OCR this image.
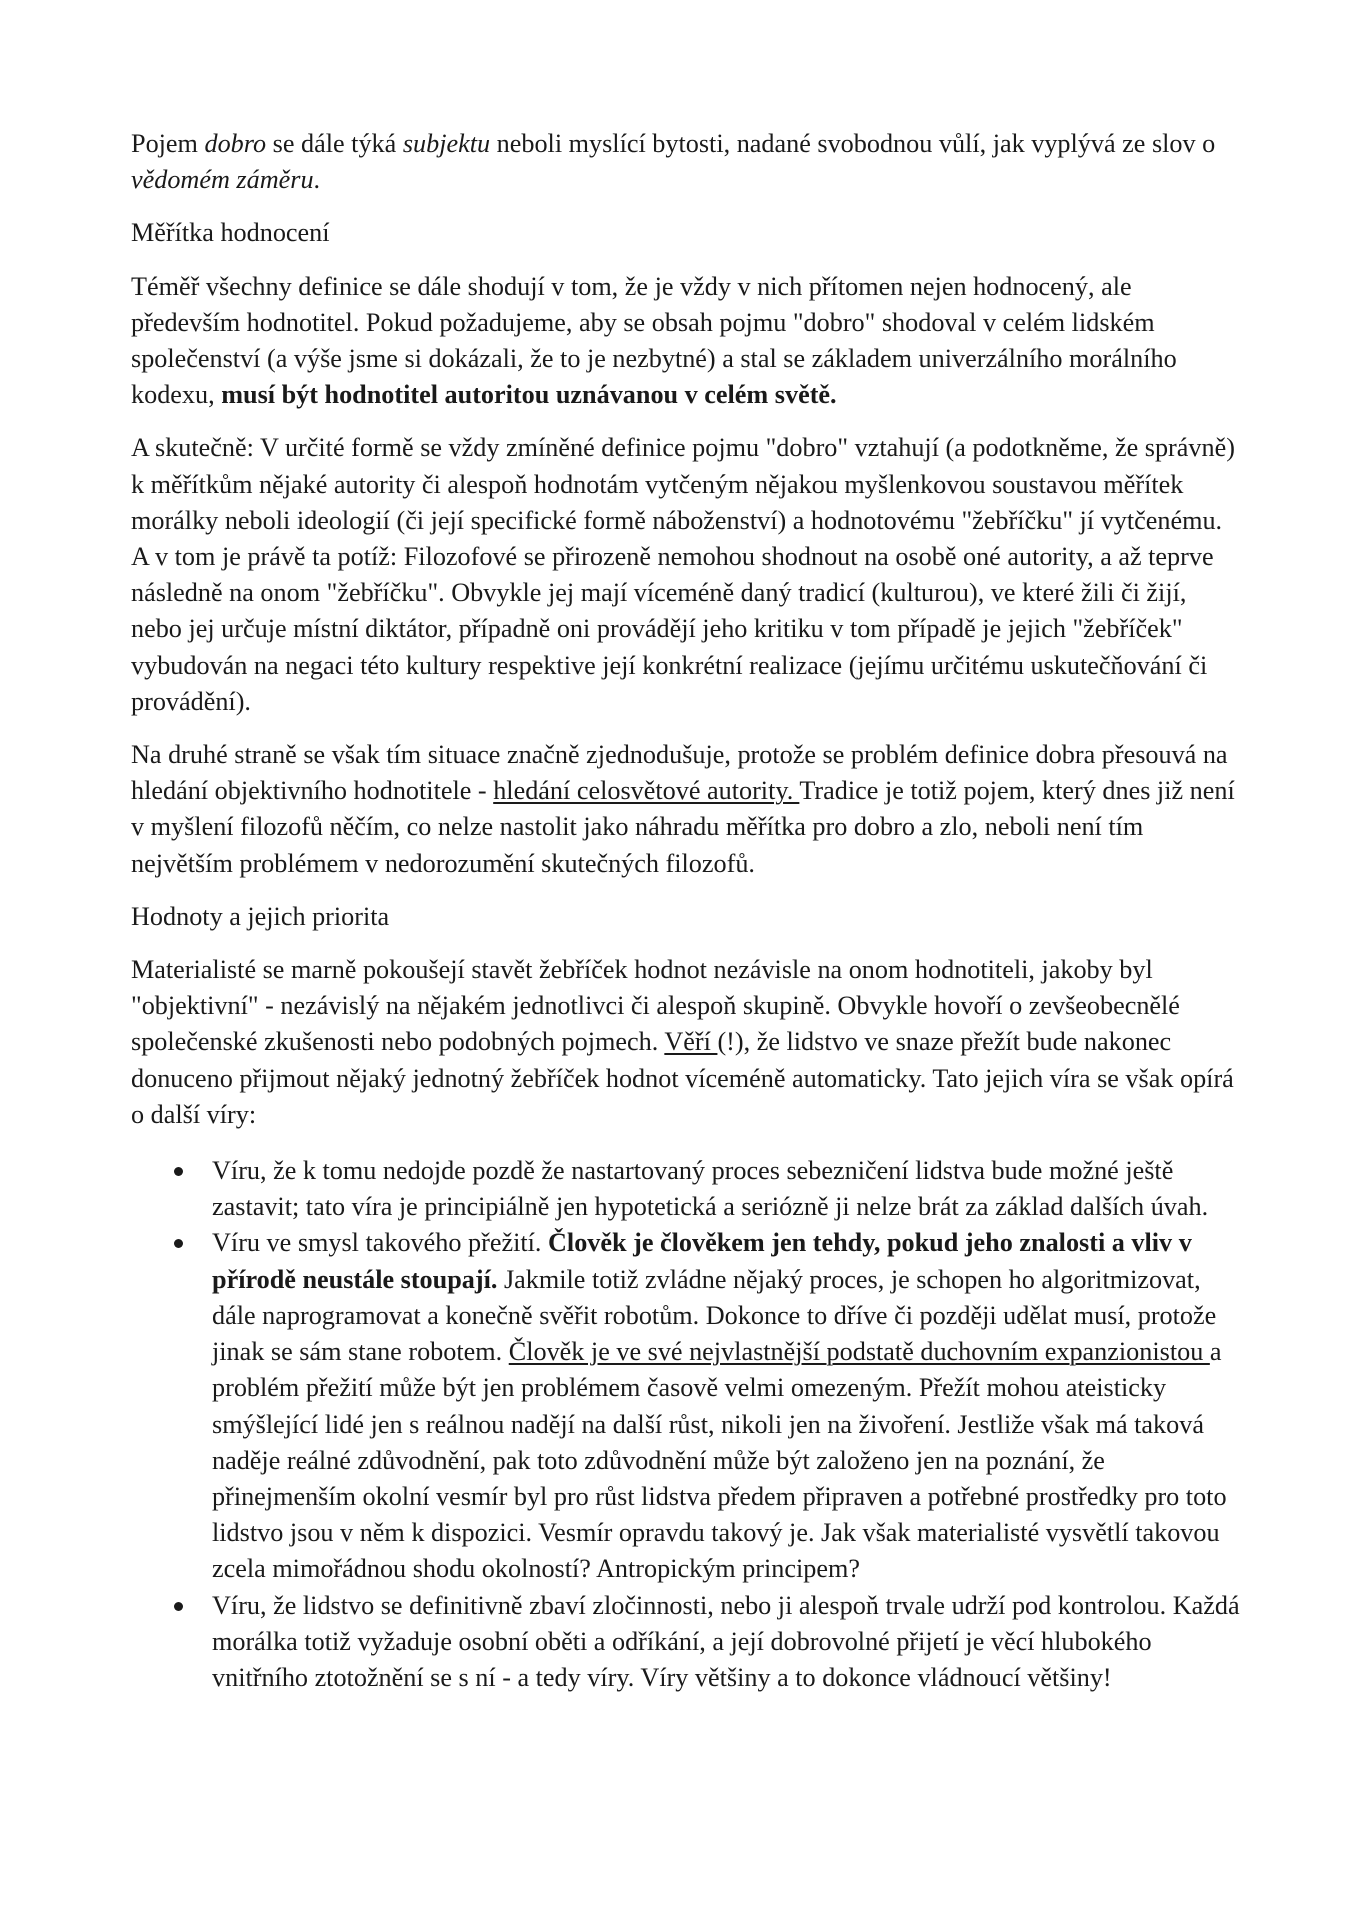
Pojem dobro se dále týká subjektu neboli myslící bytosti, nadané svobodnou vůlí, jak vyplývá ze slov o vědomém záměru.

Měřítka hodnocení

Téměř všechny definice se dále shodují v tom, že je vždy v nich přítomen nejen hodnocený, ale především hodnotitel. Pokud požadujeme, aby se obsah pojmu "dobro" shodoval v celém lidském společenství (a výše jsme si dokázali, že to je nezbytné) a stal se základem univerzálního morálního kodexu, musí být hodnotitel autoritou uznávanou v celém světě.

A skutečně: V určité formě se vždy zmíněné definice pojmu "dobro" vztahují (a podotkněme, že správně) k měřítkům nějaké autority či alespoň hodnotám vytčeným nějakou myšlenkovou soustavou měřítek morálky neboli ideologií (či její specifické formě náboženství) a hodnotovému "žebříčku" jí vytčenému. A v tom je právě ta potíž: Filozofové se přirozeně nemohou shodnout na osobě oné autority, a až teprve následně na onom "žebříčku". Obvykle jej mají víceméně daný tradicí (kulturou), ve které žili či žijí, nebo jej určuje místní diktátor, případně oni provádějí jeho kritiku v tom případě je jejich "žebříček" vybudován na negaci této kultury respektive její konkrétní realizace (jejímu určitému uskutečňování či provádění).

Na druhé straně se však tím situace značně zjednodušuje, protože se problém definice dobra přesouvá na hledání objektivního hodnotitele - hledání celosvětové autority. Tradice je totiž pojem, který dnes již není v myšlení filozofů něčím, co nelze nastolit jako náhradu měřítka pro dobro a zlo, neboli není tím největším problémem v nedorozumění skutečných filozofů.

Hodnoty a jejich priorita

Materialisté se marně pokoušejí stavět žebříček hodnot nezávisle na onom hodnotiteli, jakoby byl "objektivní" - nezávislý na nějakém jednotlivci či alespoň skupině. Obvykle hovoří o zevšeobecnělé společenské zkušenosti nebo podobných pojmech. Věří (!), že lidstvo ve snaze přežít bude nakonec donuceno přijmout nějaký jednotný žebříček hodnot víceméně automaticky. Tato jejich víra se však opírá o další víry:

Víru, že k tomu nedojde pozdě že nastartovaný proces sebezničení lidstva bude možné ještě zastavit; tato víra je principiálně jen hypotetická a seriózně ji nelze brát za základ dalších úvah.
Víru ve smysl takového přežití. Člověk je člověkem jen tehdy, pokud jeho znalosti a vliv v přírodě neustále stoupají. Jakmile totiž zvládne nějaký proces, je schopen ho algoritmizovat, dále naprogramovat a konečně svěřit robotům. Dokonce to dříve či později udělat musí, protože jinak se sám stane robotem. Člověk je ve své nejvlastnější podstatě duchovním expanzionistou a problém přežití může být jen problémem časově velmi omezeným. Přežít mohou ateisticky smýšlející lidé jen s reálnou nadějí na další růst, nikoli jen na živoření. Jestliže však má taková naděje reálné zdůvodnění, pak toto zdůvodnění může být založeno jen na poznání, že přinejmenším okolní vesmír byl pro růst lidstva předem připraven a potřebné prostředky pro toto lidstvo jsou v něm k dispozici. Vesmír opravdu takový je. Jak však materialisté vysvětlí takovou zcela mimořádnou shodu okolností? Antropickým principem?
Víru, že lidstvo se definitivně zbaví zločinnosti, nebo ji alespoň trvale udrží pod kontrolou. Každá morálka totiž vyžaduje osobní oběti a odříkání, a její dobrovolné přijetí je věcí hlubokého vnitřního ztotožnění se s ní - a tedy víry. Víry většiny a to dokonce vládnoucí většiny!
